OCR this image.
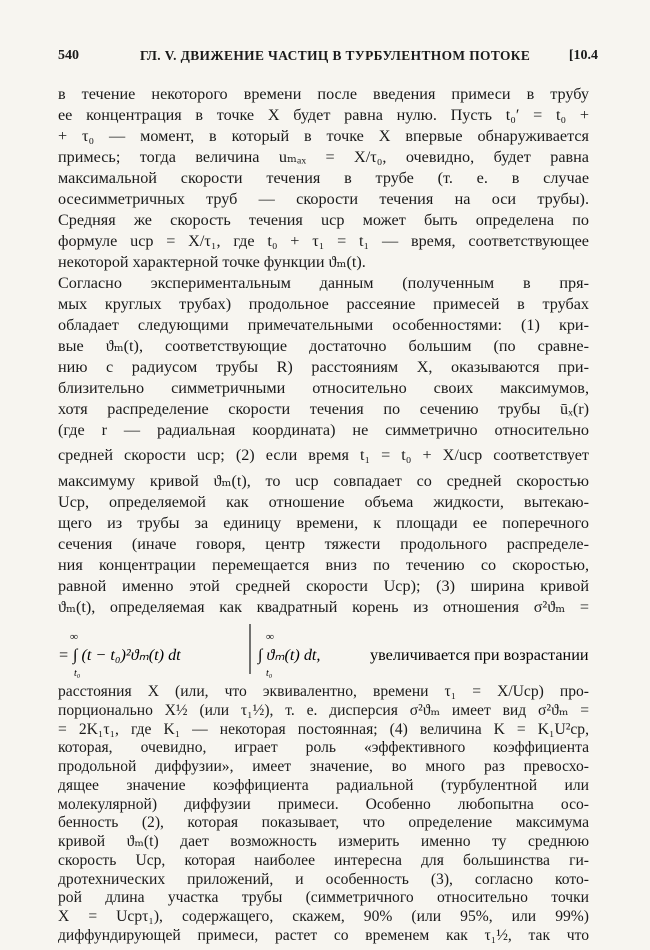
540	ГЛ. V. ДВИЖЕНИЕ ЧАСТИЦ В ТУРБУЛЕНТНОМ ПОТОКЕ	[10.4
в течение некоторого времени после введения примеси в трубу
ее концентрация в точке X будет равна нулю. Пусть t₀′ = t₀ +
+ τ₀ — момент, в который в точке X впервые обнаруживается
примесь; тогда величина uₘₐₓ = X/τ₀, очевидно, будет равна
максимальной скорости течения в трубе (т. е. в случае
осесимметричных труб — скорости течения на оси трубы).
Средняя же скорость течения uср может быть определена по
формуле uср = X/τ₁, где t₀ + τ₁ = t₁ — время, соответствующее
некоторой характерной точке функции ϑₘ(t).
Согласно экспериментальным данным (полученным в пря-
мых круглых трубах) продольное рассеяние примесей в трубах
обладает следующими примечательными особенностями: (1) кри-
вые ϑₘ(t), соответствующие достаточно большим (по сравне-
нию с радиусом трубы R) расстояниям X, оказываются при-
близительно симметричными относительно своих максимумов,
хотя распределение скорости течения по сечению трубы ūₓ(r)
(где r — радиальная координата) не симметрично относительно
средней скорости uср; (2) если время t₁ = t₀ + X/uср соответствует
максимуму кривой ϑₘ(t), то uср совпадает со средней скоростью
Uср, определяемой как отношение объема жидкости, вытекаю-
щего из трубы за единицу времени, к площади ее поперечного
сечения (иначе говоря, центр тяжести продольного распределе-
ния концентрации перемещается вниз по течению со скоростью,
равной именно этой средней скорости Uср); (3) ширина кривой
ϑₘ(t), определяемая как квадратный корень из отношения σ²ϑₘ =
∞
t₀
= ∫ (t − t₀)²ϑₘ(t) dt
∞
t₀
∫ ϑₘ(t) dt,	увеличивается при возрастании
расстояния X (или, что эквивалентно, времени τ₁ = X/Uср) про-
порционально X½ (или τ₁½), т. е. дисперсия σ²ϑₘ имеет вид σ²ϑₘ =
= 2K₁τ₁, где K₁ — некоторая постоянная; (4) величина K = K₁U²ср,
которая, очевидно, играет роль «эффективного коэффициента
продольной диффузии», имеет значение, во много раз превосхо-
дящее значение коэффициента радиальной (турбулентной или
молекулярной) диффузии примеси. Особенно любопытна осо-
бенность (2), которая показывает, что определение максимума
кривой ϑₘ(t) дает возможность измерить именно ту среднюю
скорость Uср, которая наиболее интересна для большинства ги-
дротехнических приложений, и особенность (3), согласно кото-
рой длина участка трубы (симметричного относительно точки
X = Uсрτ₁), содержащего, скажем, 90% (или 95%, или 99%)
диффундирующей примеси, растет со временем как τ₁½, так что
